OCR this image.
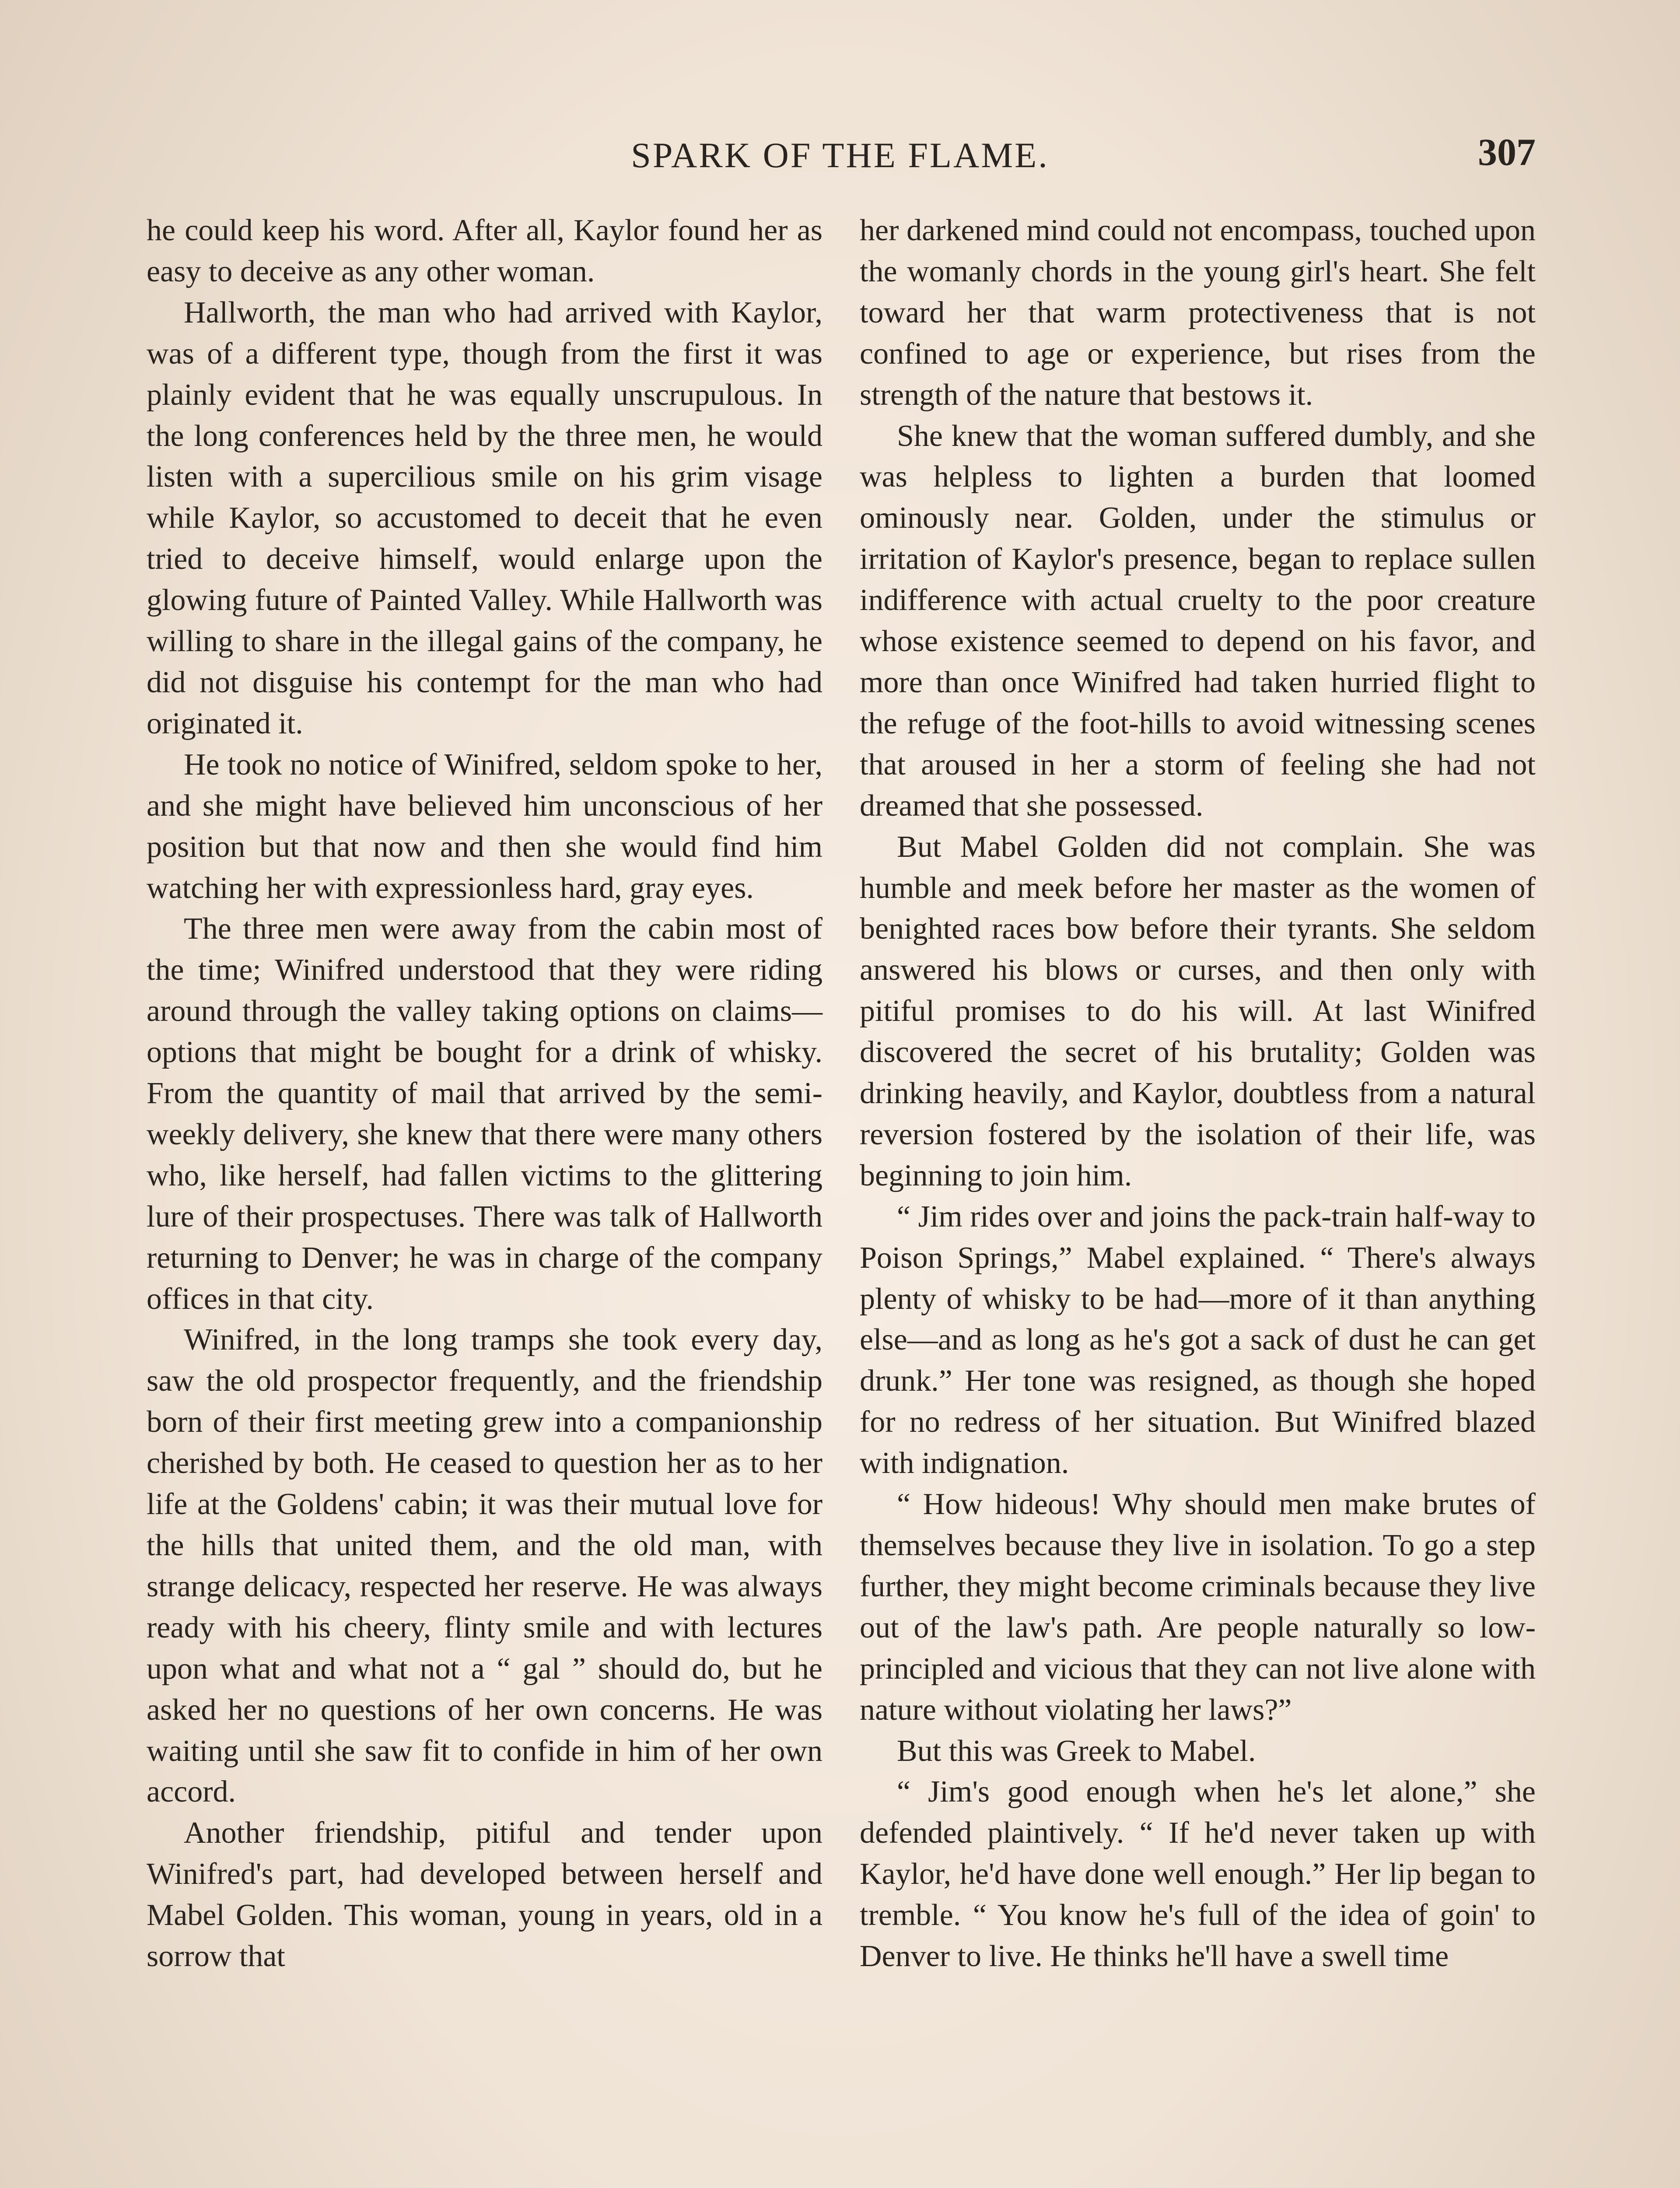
SPARK OF THE FLAME.	307

he could keep his word. After all, Kaylor found her as easy to deceive as any other woman.

Hallworth, the man who had arrived with Kaylor, was of a different type, though from the first it was plainly evident that he was equally unscrupulous. In the long conferences held by the three men, he would listen with a supercilious smile on his grim visage while Kaylor, so accustomed to deceit that he even tried to deceive himself, would enlarge upon the glowing future of Painted Valley. While Hallworth was willing to share in the illegal gains of the company, he did not disguise his contempt for the man who had originated it.

He took no notice of Winifred, seldom spoke to her, and she might have believed him unconscious of her position but that now and then she would find him watching her with expressionless hard, gray eyes.

The three men were away from the cabin most of the time; Winifred understood that they were riding around through the valley taking options on claims—options that might be bought for a drink of whisky. From the quantity of mail that arrived by the semi-weekly delivery, she knew that there were many others who, like herself, had fallen victims to the glittering lure of their prospectuses. There was talk of Hallworth returning to Denver; he was in charge of the company offices in that city.

Winifred, in the long tramps she took every day, saw the old prospector frequently, and the friendship born of their first meeting grew into a companionship cherished by both. He ceased to question her as to her life at the Goldens' cabin; it was their mutual love for the hills that united them, and the old man, with strange delicacy, respected her reserve. He was always ready with his cheery, flinty smile and with lectures upon what and what not a “ gal ” should do, but he asked her no questions of her own concerns. He was waiting until she saw fit to confide in him of her own accord.

Another friendship, pitiful and tender upon Winifred's part, had developed between herself and Mabel Golden. This woman, young in years, old in a sorrow that

her darkened mind could not encompass, touched upon the womanly chords in the young girl's heart. She felt toward her that warm protectiveness that is not confined to age or experience, but rises from the strength of the nature that bestows it.

She knew that the woman suffered dumbly, and she was helpless to lighten a burden that loomed ominously near. Golden, under the stimulus or irritation of Kaylor's presence, began to replace sullen indifference with actual cruelty to the poor creature whose existence seemed to depend on his favor, and more than once Winifred had taken hurried flight to the refuge of the foot-hills to avoid witnessing scenes that aroused in her a storm of feeling she had not dreamed that she possessed.

But Mabel Golden did not complain. She was humble and meek before her master as the women of benighted races bow before their tyrants. She seldom answered his blows or curses, and then only with pitiful promises to do his will. At last Winifred discovered the secret of his brutality; Golden was drinking heavily, and Kaylor, doubtless from a natural reversion fostered by the isolation of their life, was beginning to join him.

“ Jim rides over and joins the pack-train half-way to Poison Springs,” Mabel explained. “ There's always plenty of whisky to be had—more of it than anything else—and as long as he's got a sack of dust he can get drunk.” Her tone was resigned, as though she hoped for no redress of her situation. But Winifred blazed with indignation.

“ How hideous! Why should men make brutes of themselves because they live in isolation. To go a step further, they might become criminals because they live out of the law's path. Are people naturally so low-principled and vicious that they can not live alone with nature without violating her laws?”

But this was Greek to Mabel.

“ Jim's good enough when he's let alone,” she defended plaintively. “ If he'd never taken up with Kaylor, he'd have done well enough.” Her lip began to tremble. “ You know he's full of the idea of goin' to Denver to live. He thinks he'll have a swell time
